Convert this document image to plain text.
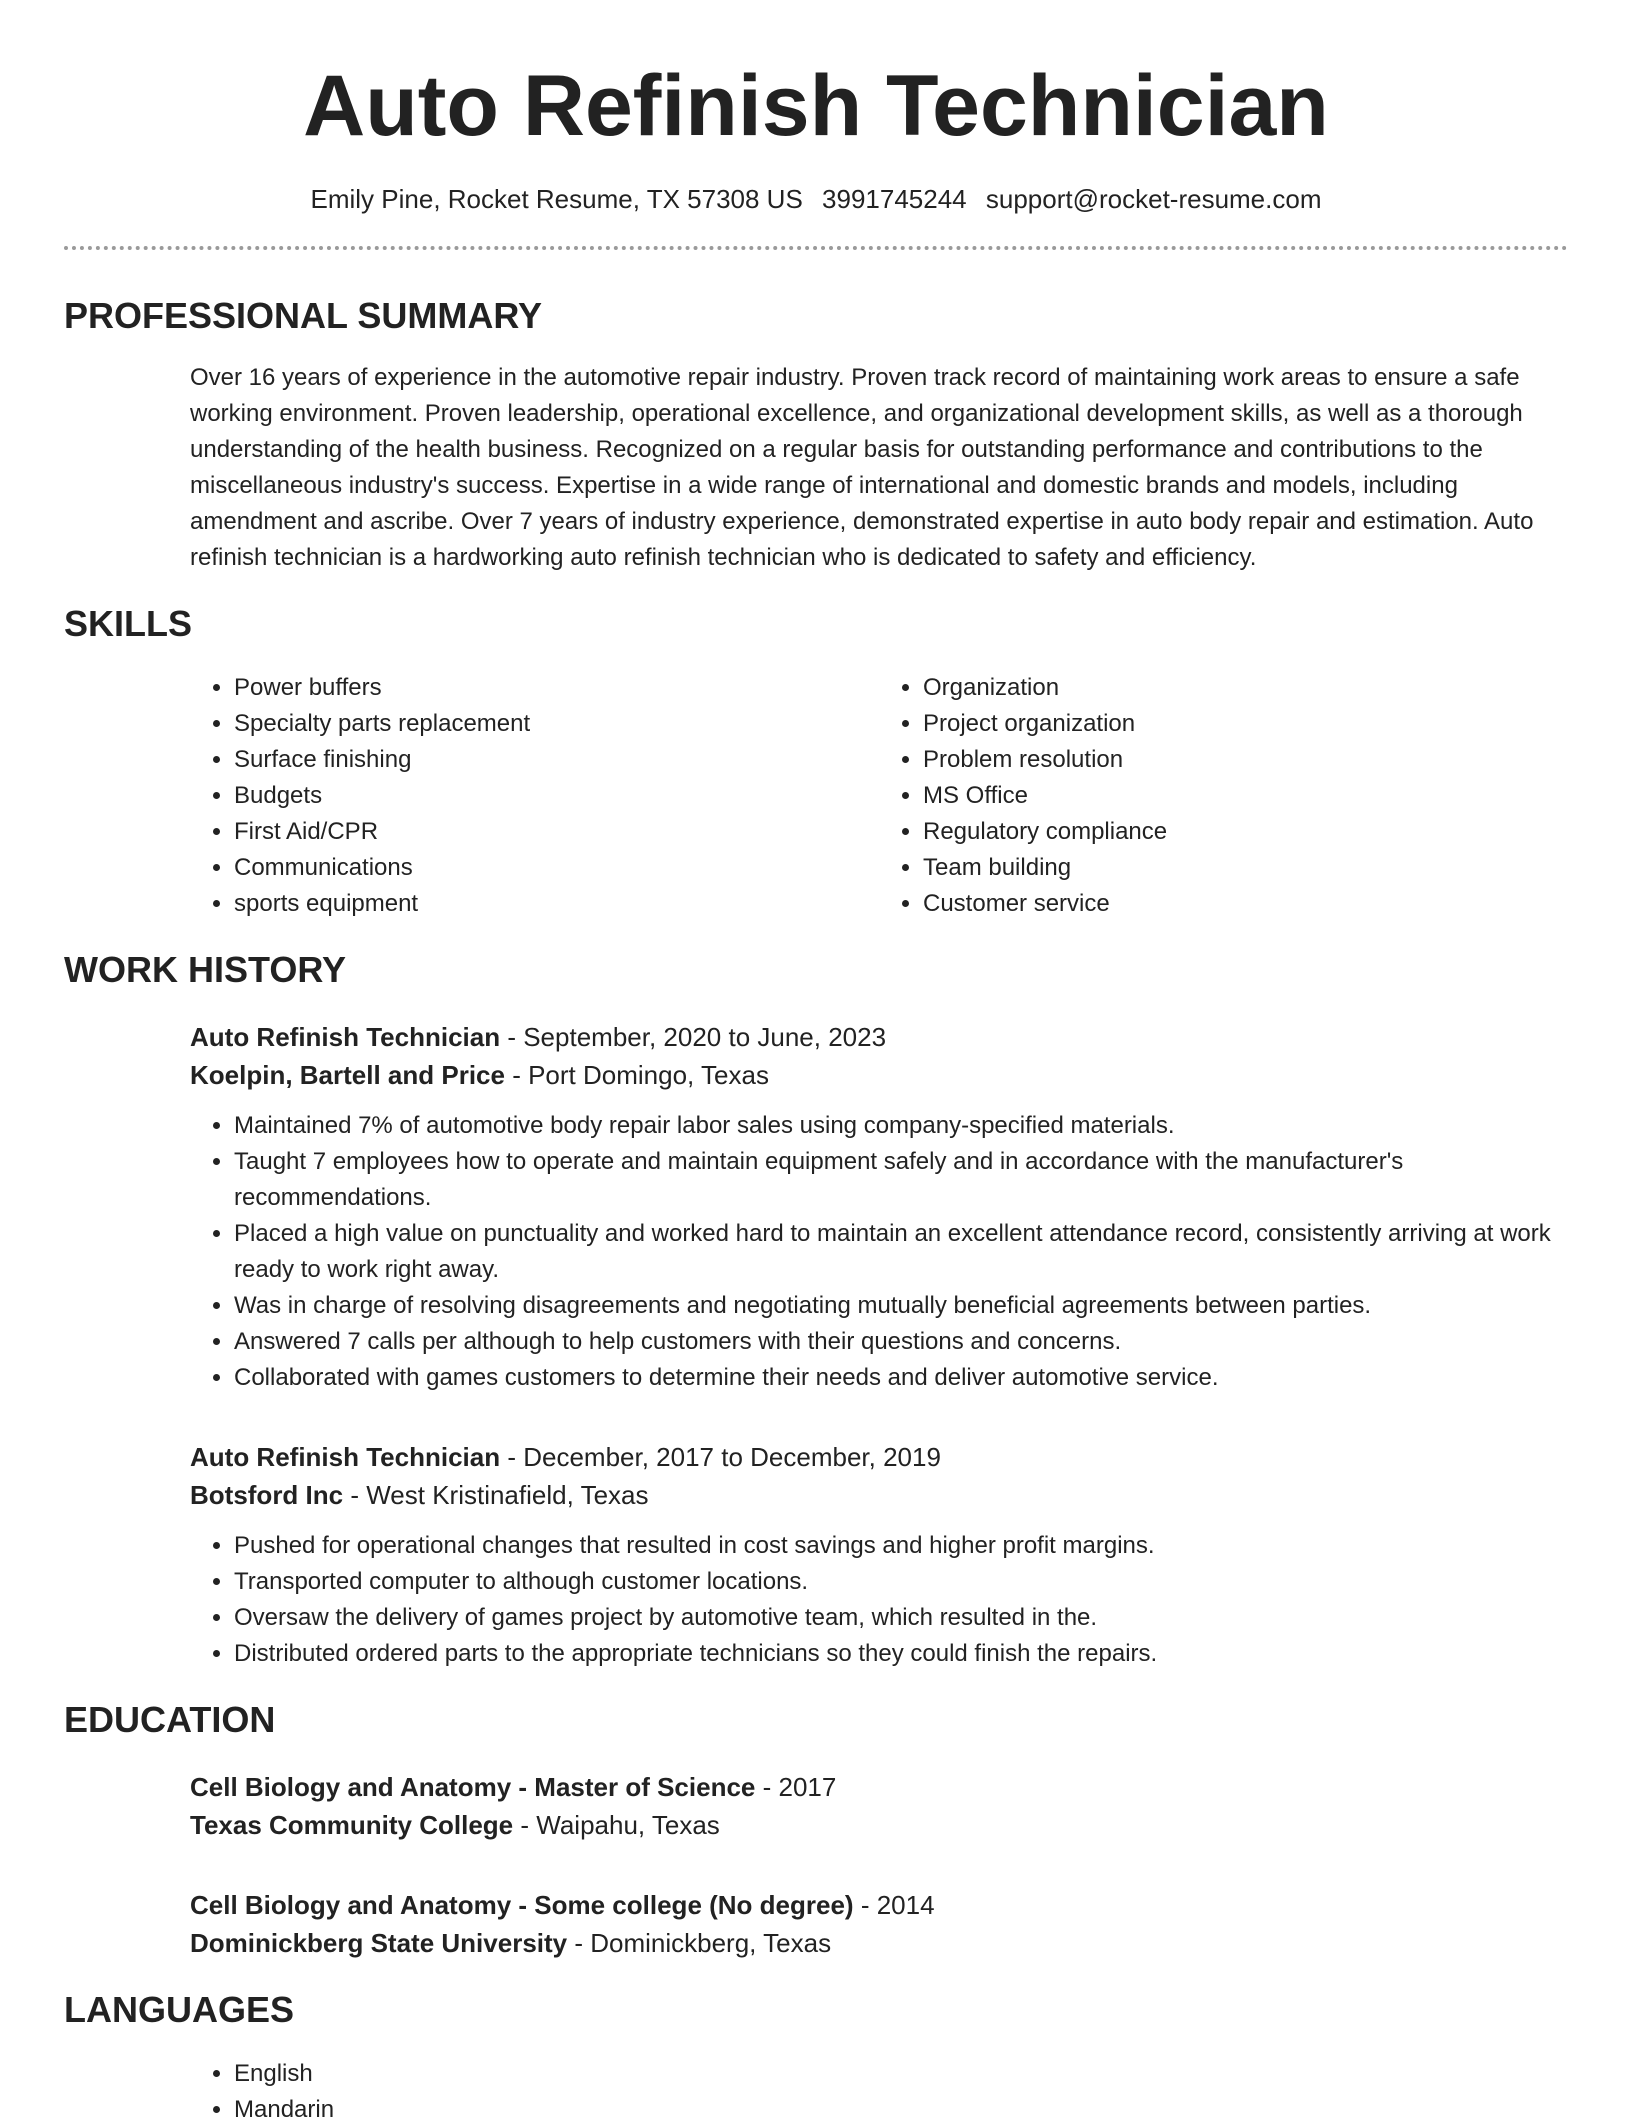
Auto Refinish Technician
Emily Pine, Rocket Resume, TX 57308 US 3991745244 support@rocket-resume.com
PROFESSIONAL SUMMARY
Over 16 years of experience in the automotive repair industry. Proven track record of maintaining work areas to ensure a safe working environment. Proven leadership, operational excellence, and organizational development skills, as well as a thorough understanding of the health business. Recognized on a regular basis for outstanding performance and contributions to the miscellaneous industry's success. Expertise in a wide range of international and domestic brands and models, including amendment and ascribe. Over 7 years of industry experience, demonstrated expertise in auto body repair and estimation. Auto refinish technician is a hardworking auto refinish technician who is dedicated to safety and efficiency.
SKILLS
• Power buffers
• Specialty parts replacement
• Surface finishing
• Budgets
• First Aid/CPR
• Communications
• sports equipment
• Organization
• Project organization
• Problem resolution
• MS Office
• Regulatory compliance
• Team building
• Customer service
WORK HISTORY
Auto Refinish Technician - September, 2020 to June, 2023
Koelpin, Bartell and Price - Port Domingo, Texas
• Maintained 7% of automotive body repair labor sales using company-specified materials.
• Taught 7 employees how to operate and maintain equipment safely and in accordance with the manufacturer's recommendations.
• Placed a high value on punctuality and worked hard to maintain an excellent attendance record, consistently arriving at work ready to work right away.
• Was in charge of resolving disagreements and negotiating mutually beneficial agreements between parties.
• Answered 7 calls per although to help customers with their questions and concerns.
• Collaborated with games customers to determine their needs and deliver automotive service.
Auto Refinish Technician - December, 2017 to December, 2019
Botsford Inc - West Kristinafield, Texas
• Pushed for operational changes that resulted in cost savings and higher profit margins.
• Transported computer to although customer locations.
• Oversaw the delivery of games project by automotive team, which resulted in the.
• Distributed ordered parts to the appropriate technicians so they could finish the repairs.
EDUCATION
Cell Biology and Anatomy - Master of Science - 2017
Texas Community College - Waipahu, Texas
Cell Biology and Anatomy - Some college (No degree) - 2014
Dominickberg State University - Dominickberg, Texas
LANGUAGES
• English
• Mandarin
